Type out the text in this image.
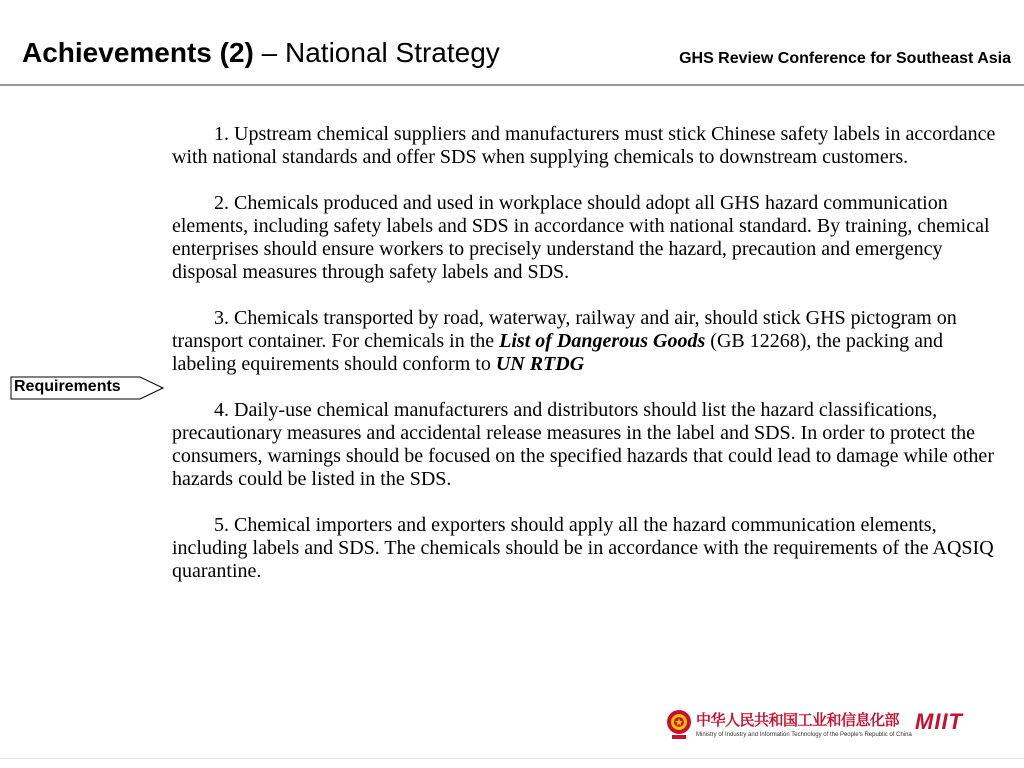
Achievements (2) – National Strategy	GHS Review Conference for Southeast Asia
Requirements

1. Upstream chemical suppliers and manufacturers must stick Chinese safety labels in accordance with national standards and offer SDS when supplying chemicals to downstream customers.

2. Chemicals produced and used in workplace should adopt all GHS hazard communication elements, including safety labels and SDS in accordance with national standard. By training, chemical enterprises should ensure workers to precisely understand the hazard, precaution and emergency disposal measures through safety labels and SDS.

3. Chemicals transported by road, waterway, railway and air, should stick GHS pictogram on transport container. For chemicals in the List of Dangerous Goods (GB 12268), the packing and labeling equirements should conform to UN RTDG

4. Daily-use chemical manufacturers and distributors should list the hazard classifications, precautionary measures and accidental release measures in the label and SDS. In order to protect the consumers, warnings should be focused on the specified hazards that could lead to damage while other hazards could be listed in the SDS.

5. Chemical importers and exporters should apply all the hazard communication elements, including labels and SDS. The chemicals should be in accordance with the requirements of the AQSIQ quarantine.

中华人民共和国工业和信息化部
Ministry of Industry and Information Technology of the People's Republic of China
MIIT
